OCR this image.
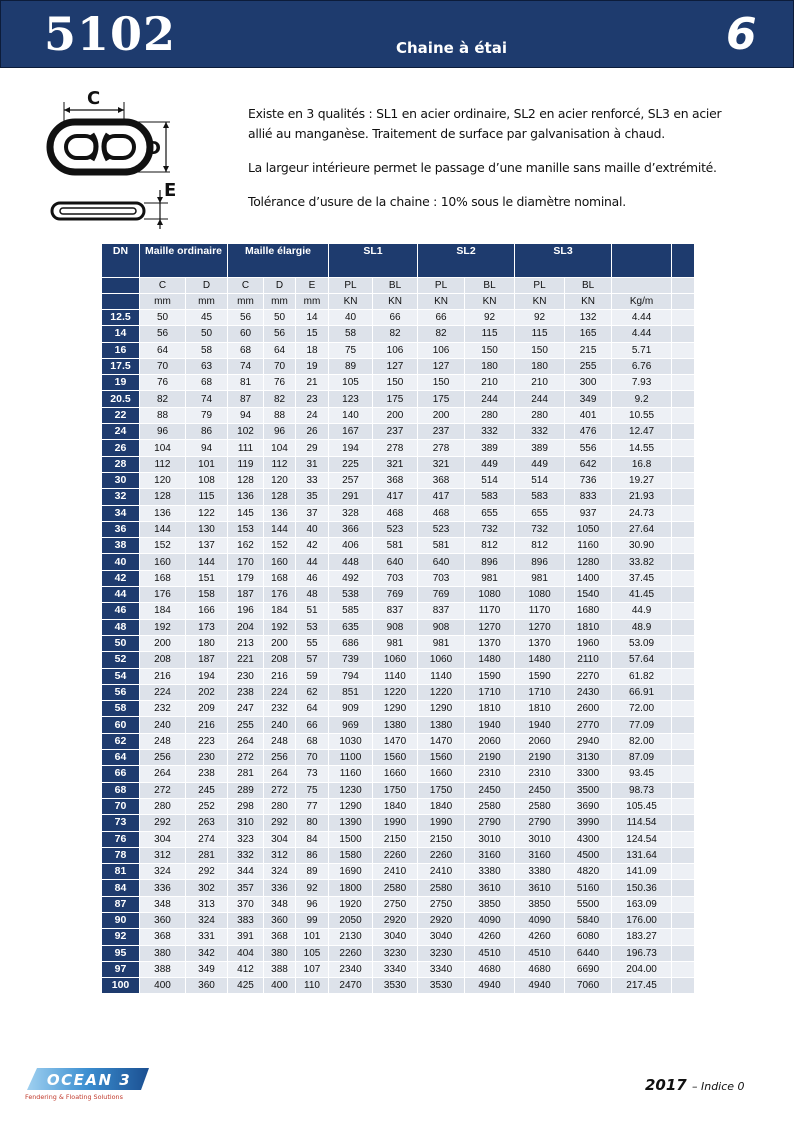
5102	Chaine à étai	6
C
D
E

Existe en 3 qualités : SL1 en acier ordinaire, SL2 en acier renforcé, SL3 en acier allié au manganèse. Traitement de surface par galvanisation à chaud.

La largeur intérieure permet le passage d’une manille sans maille d’extrémité.

Tolérance d’usure de la chaine : 10% sous le diamètre nominal.

DN	Maille ordinaire		Maille élargie			SL1		SL2		SL3			
	C	D	C	D	E	PL	BL	PL	BL	PL	BL		
	mm	mm	mm	mm	mm	KN	KN	KN	KN	KN	KN	Kg/m	
12.5	50	45	56	50	14	40	66	66	92	92	132	4.44	
14	56	50	60	56	15	58	82	82	115	115	165	4.44	
16	64	58	68	64	18	75	106	106	150	150	215	5.71	
17.5	70	63	74	70	19	89	127	127	180	180	255	6.76	
19	76	68	81	76	21	105	150	150	210	210	300	7.93	
20.5	82	74	87	82	23	123	175	175	244	244	349	9.2	
22	88	79	94	88	24	140	200	200	280	280	401	10.55	
24	96	86	102	96	26	167	237	237	332	332	476	12.47	
26	104	94	111	104	29	194	278	278	389	389	556	14.55	
28	112	101	119	112	31	225	321	321	449	449	642	16.8	
30	120	108	128	120	33	257	368	368	514	514	736	19.27	
32	128	115	136	128	35	291	417	417	583	583	833	21.93	
34	136	122	145	136	37	328	468	468	655	655	937	24.73	
36	144	130	153	144	40	366	523	523	732	732	1050	27.64	
38	152	137	162	152	42	406	581	581	812	812	1160	30.90	
40	160	144	170	160	44	448	640	640	896	896	1280	33.82	
42	168	151	179	168	46	492	703	703	981	981	1400	37.45	
44	176	158	187	176	48	538	769	769	1080	1080	1540	41.45	
46	184	166	196	184	51	585	837	837	1170	1170	1680	44.9	
48	192	173	204	192	53	635	908	908	1270	1270	1810	48.9	
50	200	180	213	200	55	686	981	981	1370	1370	1960	53.09	
52	208	187	221	208	57	739	1060	1060	1480	1480	2110	57.64	
54	216	194	230	216	59	794	1140	1140	1590	1590	2270	61.82	
56	224	202	238	224	62	851	1220	1220	1710	1710	2430	66.91	
58	232	209	247	232	64	909	1290	1290	1810	1810	2600	72.00	
60	240	216	255	240	66	969	1380	1380	1940	1940	2770	77.09	
62	248	223	264	248	68	1030	1470	1470	2060	2060	2940	82.00	
64	256	230	272	256	70	1100	1560	1560	2190	2190	3130	87.09	
66	264	238	281	264	73	1160	1660	1660	2310	2310	3300	93.45	
68	272	245	289	272	75	1230	1750	1750	2450	2450	3500	98.73	
70	280	252	298	280	77	1290	1840	1840	2580	2580	3690	105.45	
73	292	263	310	292	80	1390	1990	1990	2790	2790	3990	114.54	
76	304	274	323	304	84	1500	2150	2150	3010	3010	4300	124.54	
78	312	281	332	312	86	1580	2260	2260	3160	3160	4500	131.64	
81	324	292	344	324	89	1690	2410	2410	3380	3380	4820	141.09	
84	336	302	357	336	92	1800	2580	2580	3610	3610	5160	150.36	
87	348	313	370	348	96	1920	2750	2750	3850	3850	5500	163.09	
90	360	324	383	360	99	2050	2920	2920	4090	4090	5840	176.00	
92	368	331	391	368	101	2130	3040	3040	4260	4260	6080	183.27	
95	380	342	404	380	105	2260	3230	3230	4510	4510	6440	196.73	
97	388	349	412	388	107	2340	3340	3340	4680	4680	6690	204.00	
100	400	360	425	400	110	2470	3530	3530	4940	4940	7060	217.45	
OCEAN 3
Fendering & Floating Solutions
2017 – Indice 0
